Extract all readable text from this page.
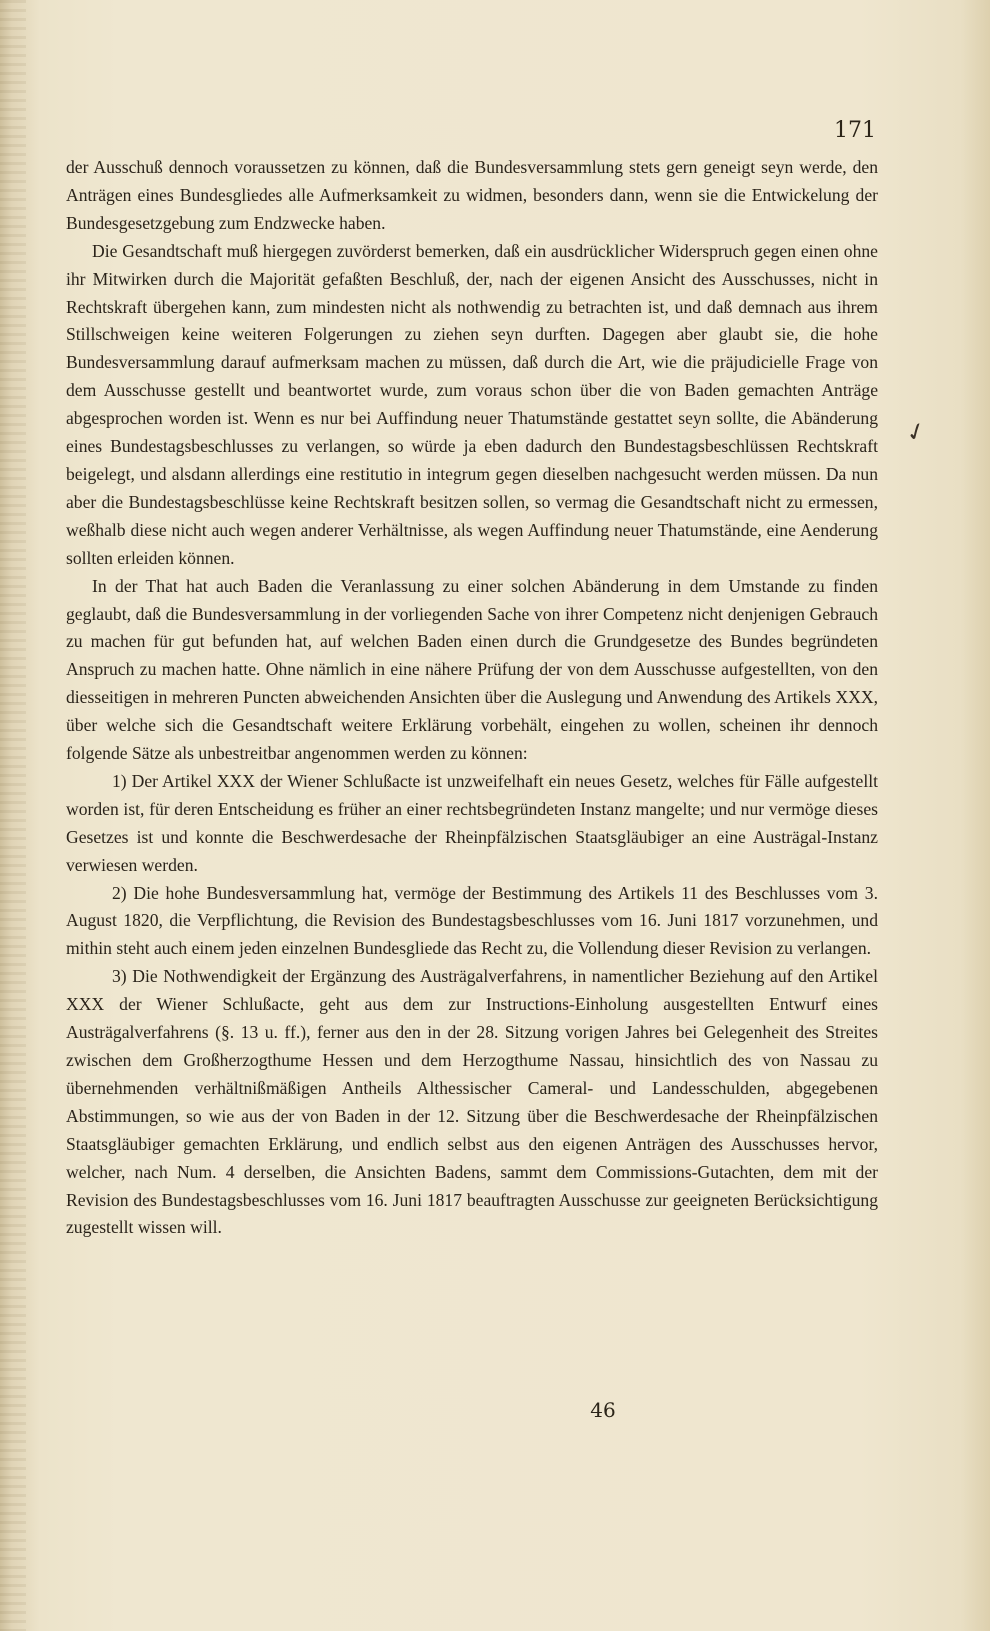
171

der Ausschuß dennoch voraussetzen zu können, daß die Bundesversammlung stets gern geneigt seyn werde, den Anträgen eines Bundesgliedes alle Aufmerksamkeit zu widmen, besonders dann, wenn sie die Entwickelung der Bundesgesetzgebung zum Endzwecke haben.

Die Gesandtschaft muß hiergegen zuvörderst bemerken, daß ein ausdrücklicher Widerspruch gegen einen ohne ihr Mitwirken durch die Majorität gefaßten Beschluß, der, nach der eigenen Ansicht des Ausschusses, nicht in Rechtskraft übergehen kann, zum mindesten nicht als nothwendig zu betrachten ist, und daß demnach aus ihrem Stillschweigen keine weiteren Folgerungen zu ziehen seyn durften. Dagegen aber glaubt sie, die hohe Bundesversammlung darauf aufmerksam machen zu müssen, daß durch die Art, wie die präjudicielle Frage von dem Ausschusse gestellt und beantwortet wurde, zum voraus schon über die von Baden gemachten Anträge abgesprochen worden ist. Wenn es nur bei Auffindung neuer Thatumstände gestattet seyn sollte, die Abänderung eines Bundestagsbeschlusses zu verlangen, so würde ja eben dadurch den Bundestagsbeschlüssen Rechtskraft beigelegt, und alsdann allerdings eine restitutio in integrum gegen dieselben nachgesucht werden müssen. Da nun aber die Bundestagsbeschlüsse keine Rechtskraft besitzen sollen, so vermag die Gesandtschaft nicht zu ermessen, weßhalb diese nicht auch wegen anderer Verhältnisse, als wegen Auffindung neuer Thatumstände, eine Aenderung sollten erleiden können.

In der That hat auch Baden die Veranlassung zu einer solchen Abänderung in dem Umstande zu finden geglaubt, daß die Bundesversammlung in der vorliegenden Sache von ihrer Competenz nicht denjenigen Gebrauch zu machen für gut befunden hat, auf welchen Baden einen durch die Grundgesetze des Bundes begründeten Anspruch zu machen hatte. Ohne nämlich in eine nähere Prüfung der von dem Ausschusse aufgestellten, von den diesseitigen in mehreren Puncten abweichenden Ansichten über die Auslegung und Anwendung des Artikels XXX, über welche sich die Gesandtschaft weitere Erklärung vorbehält, eingehen zu wollen, scheinen ihr dennoch folgende Sätze als unbestreitbar angenommen werden zu können:

1) Der Artikel XXX der Wiener Schlußacte ist unzweifelhaft ein neues Gesetz, welches für Fälle aufgestellt worden ist, für deren Entscheidung es früher an einer rechtsbegründeten Instanz mangelte; und nur vermöge dieses Gesetzes ist und konnte die Beschwerdesache der Rheinpfälzischen Staatsgläubiger an eine Austrägal-Instanz verwiesen werden.

2) Die hohe Bundesversammlung hat, vermöge der Bestimmung des Artikels 11 des Beschlusses vom 3. August 1820, die Verpflichtung, die Revision des Bundestagsbeschlusses vom 16. Juni 1817 vorzunehmen, und mithin steht auch einem jeden einzelnen Bundesgliede das Recht zu, die Vollendung dieser Revision zu verlangen.

3) Die Nothwendigkeit der Ergänzung des Austrägalverfahrens, in namentlicher Beziehung auf den Artikel XXX der Wiener Schlußacte, geht aus dem zur Instructions-Einholung ausgestellten Entwurf eines Austrägalverfahrens (§. 13 u. ff.), ferner aus den in der 28. Sitzung vorigen Jahres bei Gelegenheit des Streites zwischen dem Großherzogthume Hessen und dem Herzogthume Nassau, hinsichtlich des von Nassau zu übernehmenden verhältnißmäßigen Antheils Althessischer Cameral- und Landesschulden, abgegebenen Abstimmungen, so wie aus der von Baden in der 12. Sitzung über die Beschwerdesache der Rheinpfälzischen Staatsgläubiger gemachten Erklärung, und endlich selbst aus den eigenen Anträgen des Ausschusses hervor, welcher, nach Num. 4 derselben, die Ansichten Badens, sammt dem Commissions-Gutachten, dem mit der Revision des Bundestagsbeschlusses vom 16. Juni 1817 beauftragten Ausschusse zur geeigneten Berücksichtigung zugestellt wissen will.

✓
46
